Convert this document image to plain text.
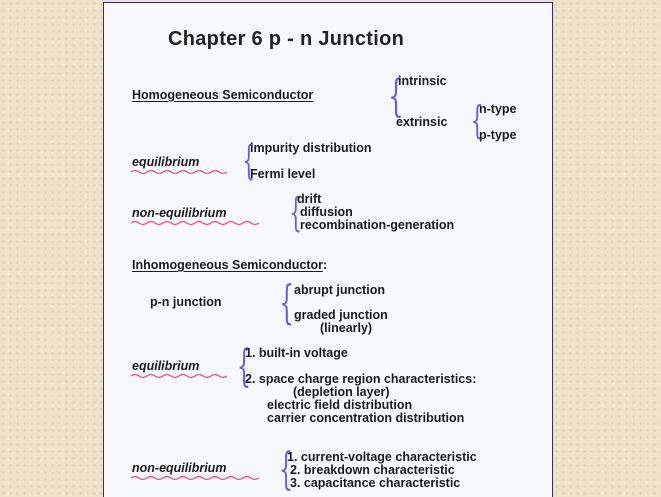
Chapter 6 p - n Junction
Homogeneous Semiconductor {
intrinsic
extrinsic {
n-type
p-type
equilibrium {
impurity distribution
Fermi level
non-equilibrium {
drift
diffusion
recombination-generation
Inhomogeneous Semiconductor:
p-n junction { abrupt junction
graded junction
(linearly)
equilibrium {
1. built-in voltage
2. space charge region characteristics:
(depletion layer)
electric field distribution
carrier concentration distribution
non-equilibrium {
1. current-voltage characteristic
2. breakdown characteristic
3. capacitance characteristic
